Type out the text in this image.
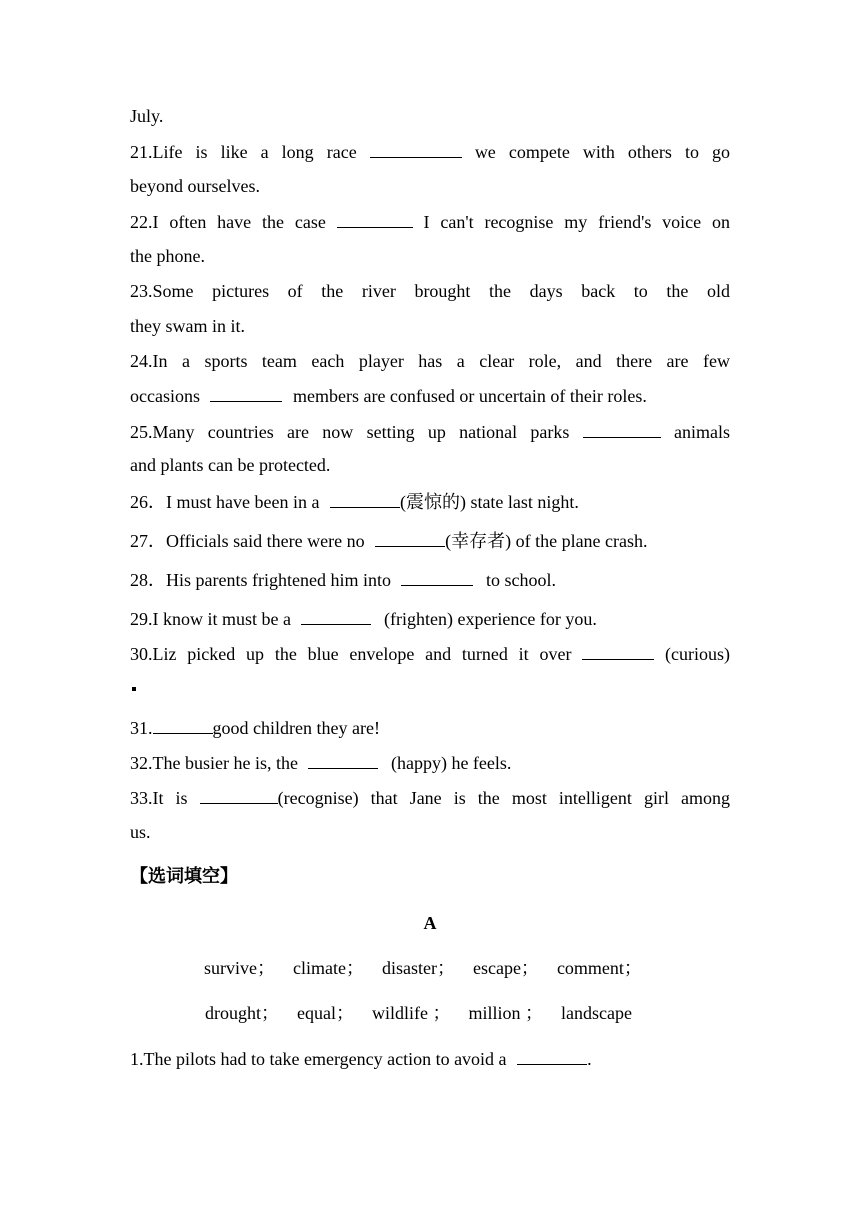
July.
21.Life is like a long race	we compete with others to go
beyond ourselves.
22.I often have the case	I can't recognise my friend's voice on
the phone.
23.Some pictures of the river brought the days back to the old
they swam in it.
24.In a sports team each player has a clear role, and there are few
occasions	members are confused or uncertain of their roles.
25.Many countries are now setting up national parks	animals
and plants can be protected.
26．I must have been in a	(震惊的) state last night.
27．Officials said there were no	(幸存者) of the plane crash.
28．His parents frightened him into	to school.
29.I know it must be a	(frighten) experience for you.
30.Liz picked up the blue envelope and turned it over	(curious)
31.	good children they are!
32.The busier he is, the	(happy) he feels.
33.It is	(recognise) that Jane is the most intelligent girl among
us.
【选词填空】
A
survive； climate； disaster； escape； comment；
drought； equal； wildlife ； million ； landscape
1.The pilots had to take emergency action to avoid a	.
